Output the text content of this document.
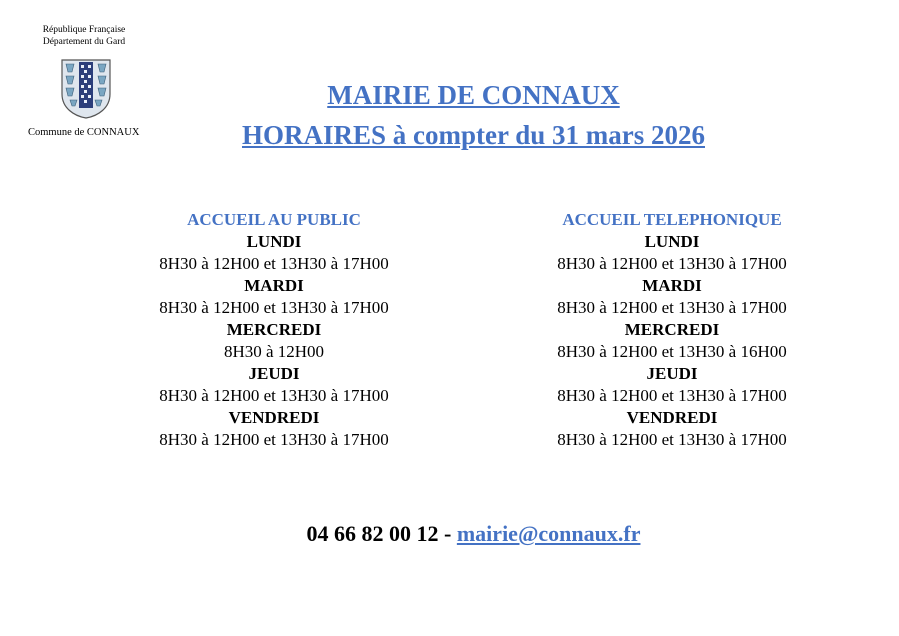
République Française
Département du Gard
Commune de CONNAUX
MAIRIE DE CONNAUX
HORAIRES à compter du 31 mars 2026
ACCUEIL AU PUBLIC
LUNDI
8H30 à 12H00 et 13H30 à 17H00
MARDI
8H30 à 12H00 et 13H30 à 17H00
MERCREDI
8H30 à 12H00
JEUDI
8H30 à 12H00 et 13H30 à 17H00
VENDREDI
8H30 à 12H00 et 13H30 à 17H00
ACCUEIL TELEPHONIQUE
LUNDI
8H30 à 12H00 et 13H30 à 17H00
MARDI
8H30 à 12H00 et 13H30 à 17H00
MERCREDI
8H30 à 12H00 et 13H30 à 16H00
JEUDI
8H30 à 12H00 et 13H30 à 17H00
VENDREDI
8H30 à 12H00 et 13H30 à 17H00
04 66 82 00 12 - mairie@connaux.fr
